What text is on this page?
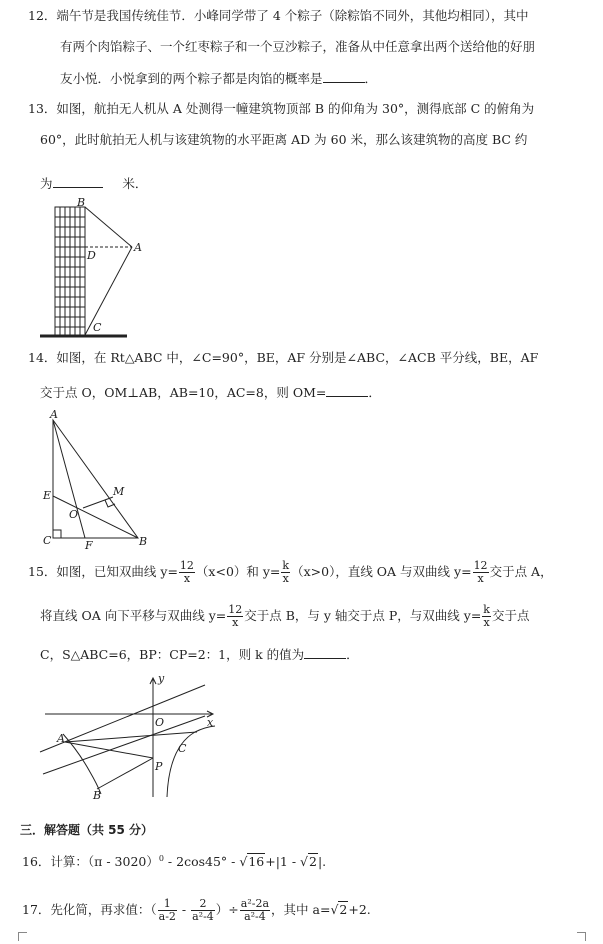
12．端午节是我国传统佳节．小峰同学带了 4 个粽子（除粽馅不同外，其他均相同），其中
有两个肉馅粽子、一个红枣粽子和一个豆沙粽子，准备从中任意拿出两个送给他的好朋
友小悦．小悦拿到的两个粽子都是肉馅的概率是	．
13．如图，航拍无人机从 A 处测得一幢建筑物顶部 B 的仰角为 30°，测得底部 C 的俯角为
60°，此时航拍无人机与该建筑物的水平距离 AD 为 60 米，那么该建筑物的高度 BC 约
为	米．
B
D
A
C
14．如图，在 Rt△ABC 中，∠C=90°，BE，AF 分别是∠ABC，∠ACB 平分线，BE，AF
交于点 O，OM⊥AB，AB=10，AC=8，则 OM=	．
A
E	M
O
C	F	B
15．如图，已知双曲线 $y= \frac{12}{x} (x<0)$和 $y= \frac{k}{x} (x>0)$，直线 OA 与双曲线 $y= \frac{12}{x}$ 交于点 A，
将直线 OA 向下平移与双曲线 $y= \frac{12}{x}$ 交于点 B，与 y 轴交于点 P，与双曲线 $y= \frac{k}{x}$ 交于点
C，S△ABC=6，BP：CP=2：1，则 k 的值为	．
y
O	x
A
C
P
B
三．解答题（共 55 分）
16．计算：（π - 3020）$^0$ - 2cos45° - √16+|1 - √2|.
17．先化简，再求值：（ $\frac{1}{a-2} - \frac{2}{\text{a²-4}}$ ）÷ $\frac{\text{a²-2a}}{\text{a²-4}}$ ，其中 a=√2+2.
